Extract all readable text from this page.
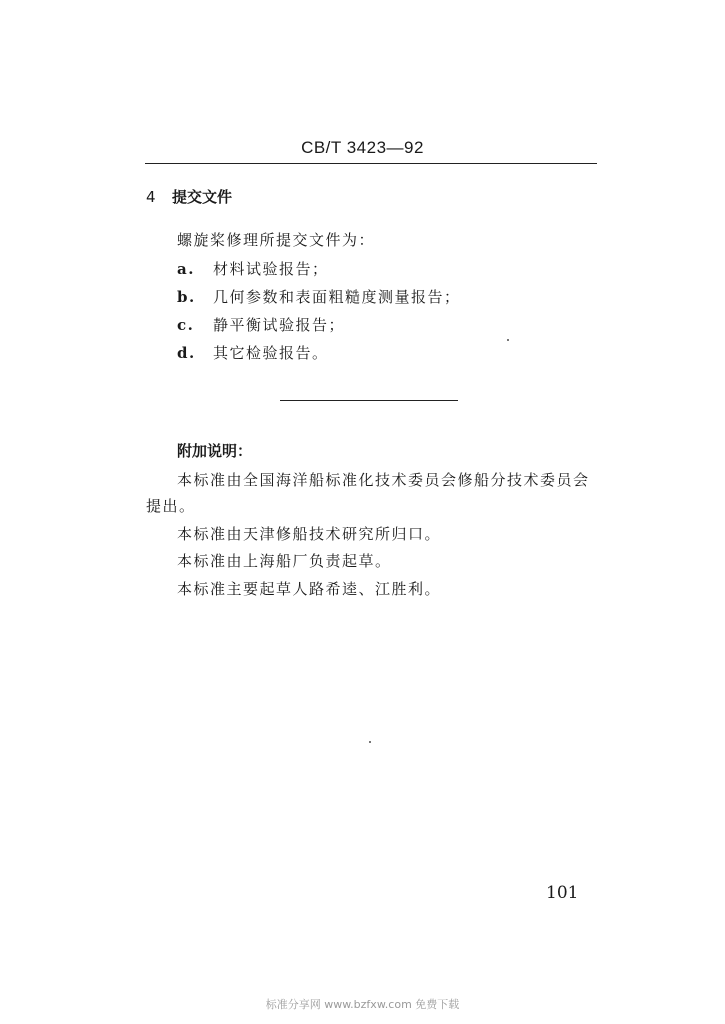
CB/T 3423—92
4 提交文件
螺旋桨修理所提交文件为：
a. 材料试验报告；
b. 几何参数和表面粗糙度测量报告；
c. 静平衡试验报告；
d. 其它检验报告。
附加说明：
本标准由全国海洋船标准化技术委员会修船分技术委员会提出。
本标准由天津修船技术研究所归口。
本标准由上海船厂负责起草。
本标准主要起草人路希逵、江胜利。
101
标准分享网 www.bzfxw.com 免费下载
